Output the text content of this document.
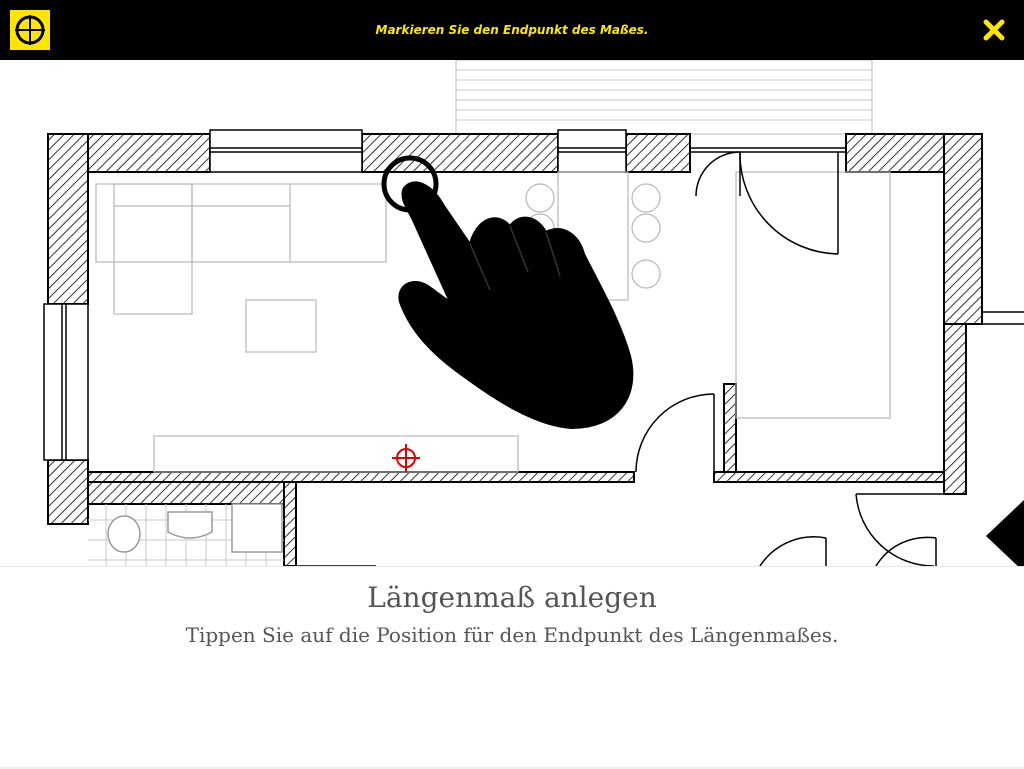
Markieren Sie den Endpunkt des Maßes.
Längenmaß anlegen
Tippen Sie auf die Position für den Endpunkt des Längenmaßes.
